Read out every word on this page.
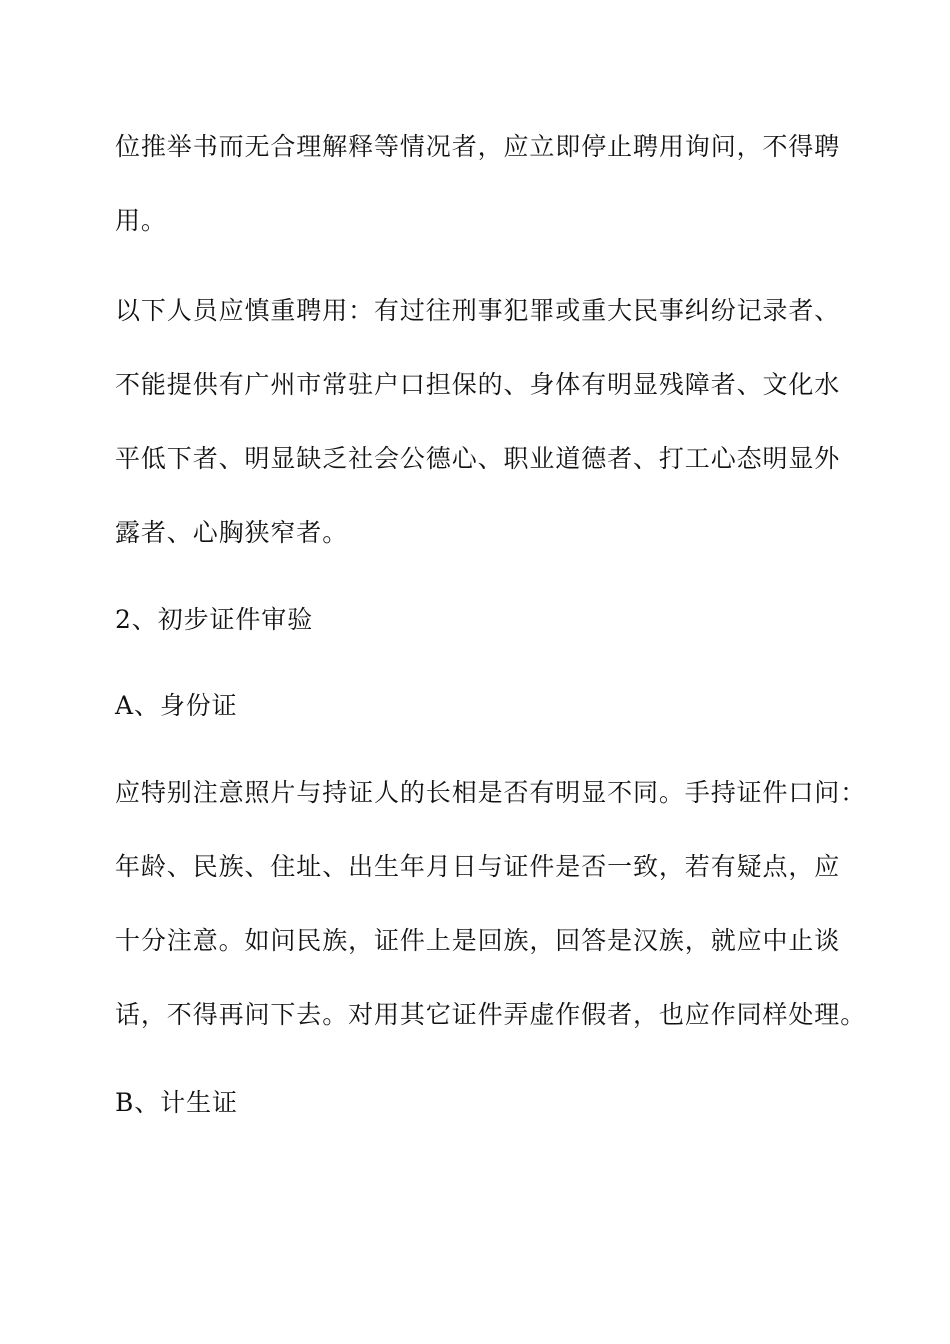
位推举书而无合理解释等情况者，应立即停止聘用询问，不得聘
用。
以下人员应慎重聘用：有过往刑事犯罪或重大民事纠纷记录者、
不能提供有广州市常驻户口担保的、身体有明显残障者、文化水
平低下者、明显缺乏社会公德心、职业道德者、打工心态明显外
露者、心胸狭窄者。
2、初步证件审验
A、身份证
应特别注意照片与持证人的长相是否有明显不同。手持证件口问：
年龄、民族、住址、出生年月日与证件是否一致，若有疑点，应
十分注意。如问民族，证件上是回族，回答是汉族，就应中止谈
话，不得再问下去。对用其它证件弄虚作假者，也应作同样处理。
B、计生证
